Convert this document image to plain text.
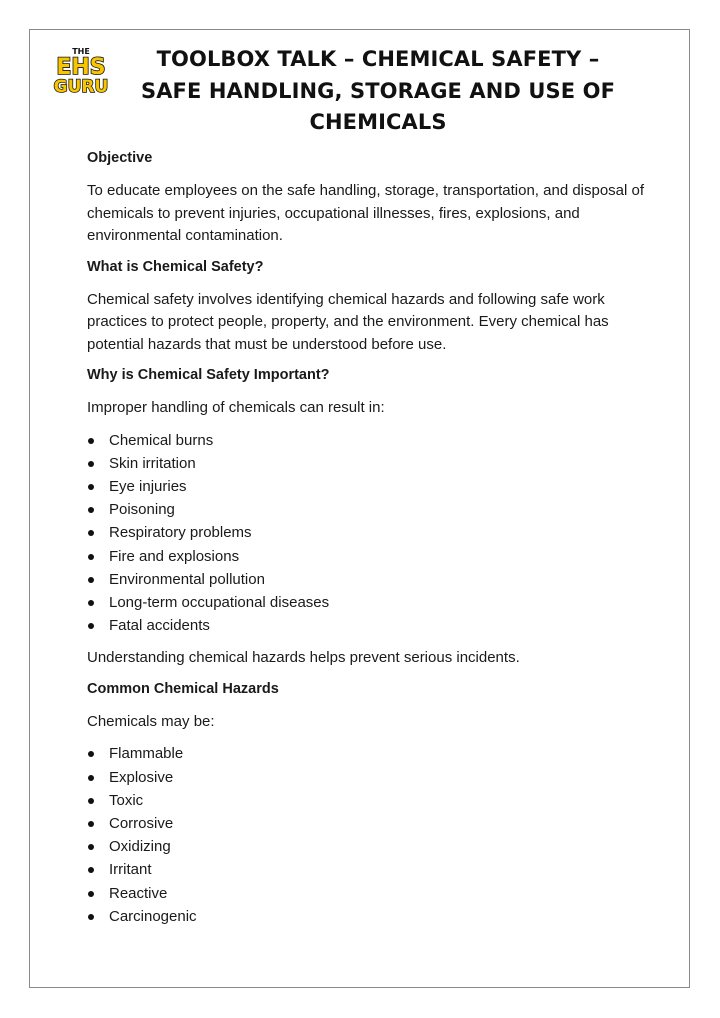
THE
EHS
GURU
TOOLBOX TALK – CHEMICAL SAFETY – SAFE HANDLING, STORAGE AND USE OF CHEMICALS
Objective
To educate employees on the safe handling, storage, transportation, and disposal of chemicals to prevent injuries, occupational illnesses, fires, explosions, and environmental contamination.
What is Chemical Safety?
Chemical safety involves identifying chemical hazards and following safe work practices to protect people, property, and the environment. Every chemical has potential hazards that must be understood before use.
Why is Chemical Safety Important?
Improper handling of chemicals can result in:
Chemical burns
Skin irritation
Eye injuries
Poisoning
Respiratory problems
Fire and explosions
Environmental pollution
Long-term occupational diseases
Fatal accidents
Understanding chemical hazards helps prevent serious incidents.
Common Chemical Hazards
Chemicals may be:
Flammable
Explosive
Toxic
Corrosive
Oxidizing
Irritant
Reactive
Carcinogenic
